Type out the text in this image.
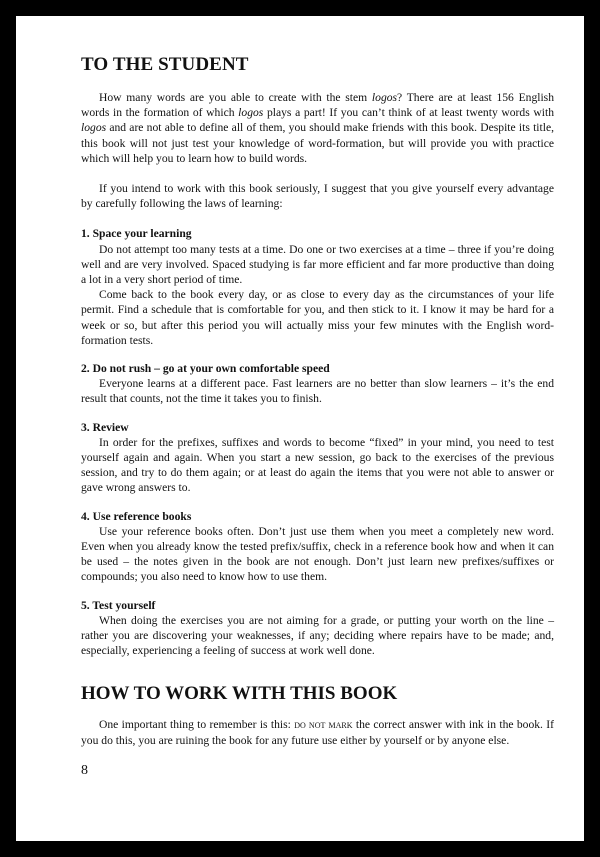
TO THE STUDENT

How many words are you able to create with the stem logos? There are at least 156 English words in the formation of which logos plays a part! If you can’t think of at least twenty words with logos and are not able to define all of them, you should make friends with this book. Despite its title, this book will not just test your knowledge of word-formation, but will provide you with practice which will help you to learn how to build words.

If you intend to work with this book seriously, I suggest that you give yourself every advantage by carefully following the laws of learning:

1. Space your learning

Do not attempt too many tests at a time. Do one or two exercises at a time – three if you’re doing well and are very involved. Spaced studying is far more efficient and far more productive than doing a lot in a very short period of time.

Come back to the book every day, or as close to every day as the circumstances of your life permit. Find a schedule that is comfortable for you, and then stick to it. I know it may be hard for a week or so, but after this period you will actually miss your few minutes with the English word-formation tests.

2. Do not rush – go at your own comfortable speed

Everyone learns at a different pace. Fast learners are no better than slow learners – it’s the end result that counts, not the time it takes you to finish.

3. Review

In order for the prefixes, suffixes and words to become “fixed” in your mind, you need to test yourself again and again. When you start a new session, go back to the exercises of the previous session, and try to do them again; or at least do again the items that you were not able to answer or gave wrong answers to.

4. Use reference books

Use your reference books often. Don’t just use them when you meet a completely new word. Even when you already know the tested prefix/suffix, check in a reference book how and when it can be used – the notes given in the book are not enough. Don’t just learn new prefixes/suffixes or compounds; you also need to know how to use them.

5. Test yourself

When doing the exercises you are not aiming for a grade, or putting your worth on the line – rather you are discovering your weaknesses, if any; deciding where repairs have to be made; and, especially, experiencing a feeling of success at work well done.

HOW TO WORK WITH THIS BOOK

One important thing to remember is this: do not mark the correct answer with ink in the book. If you do this, you are ruining the book for any future use either by yourself or by anyone else.

8
